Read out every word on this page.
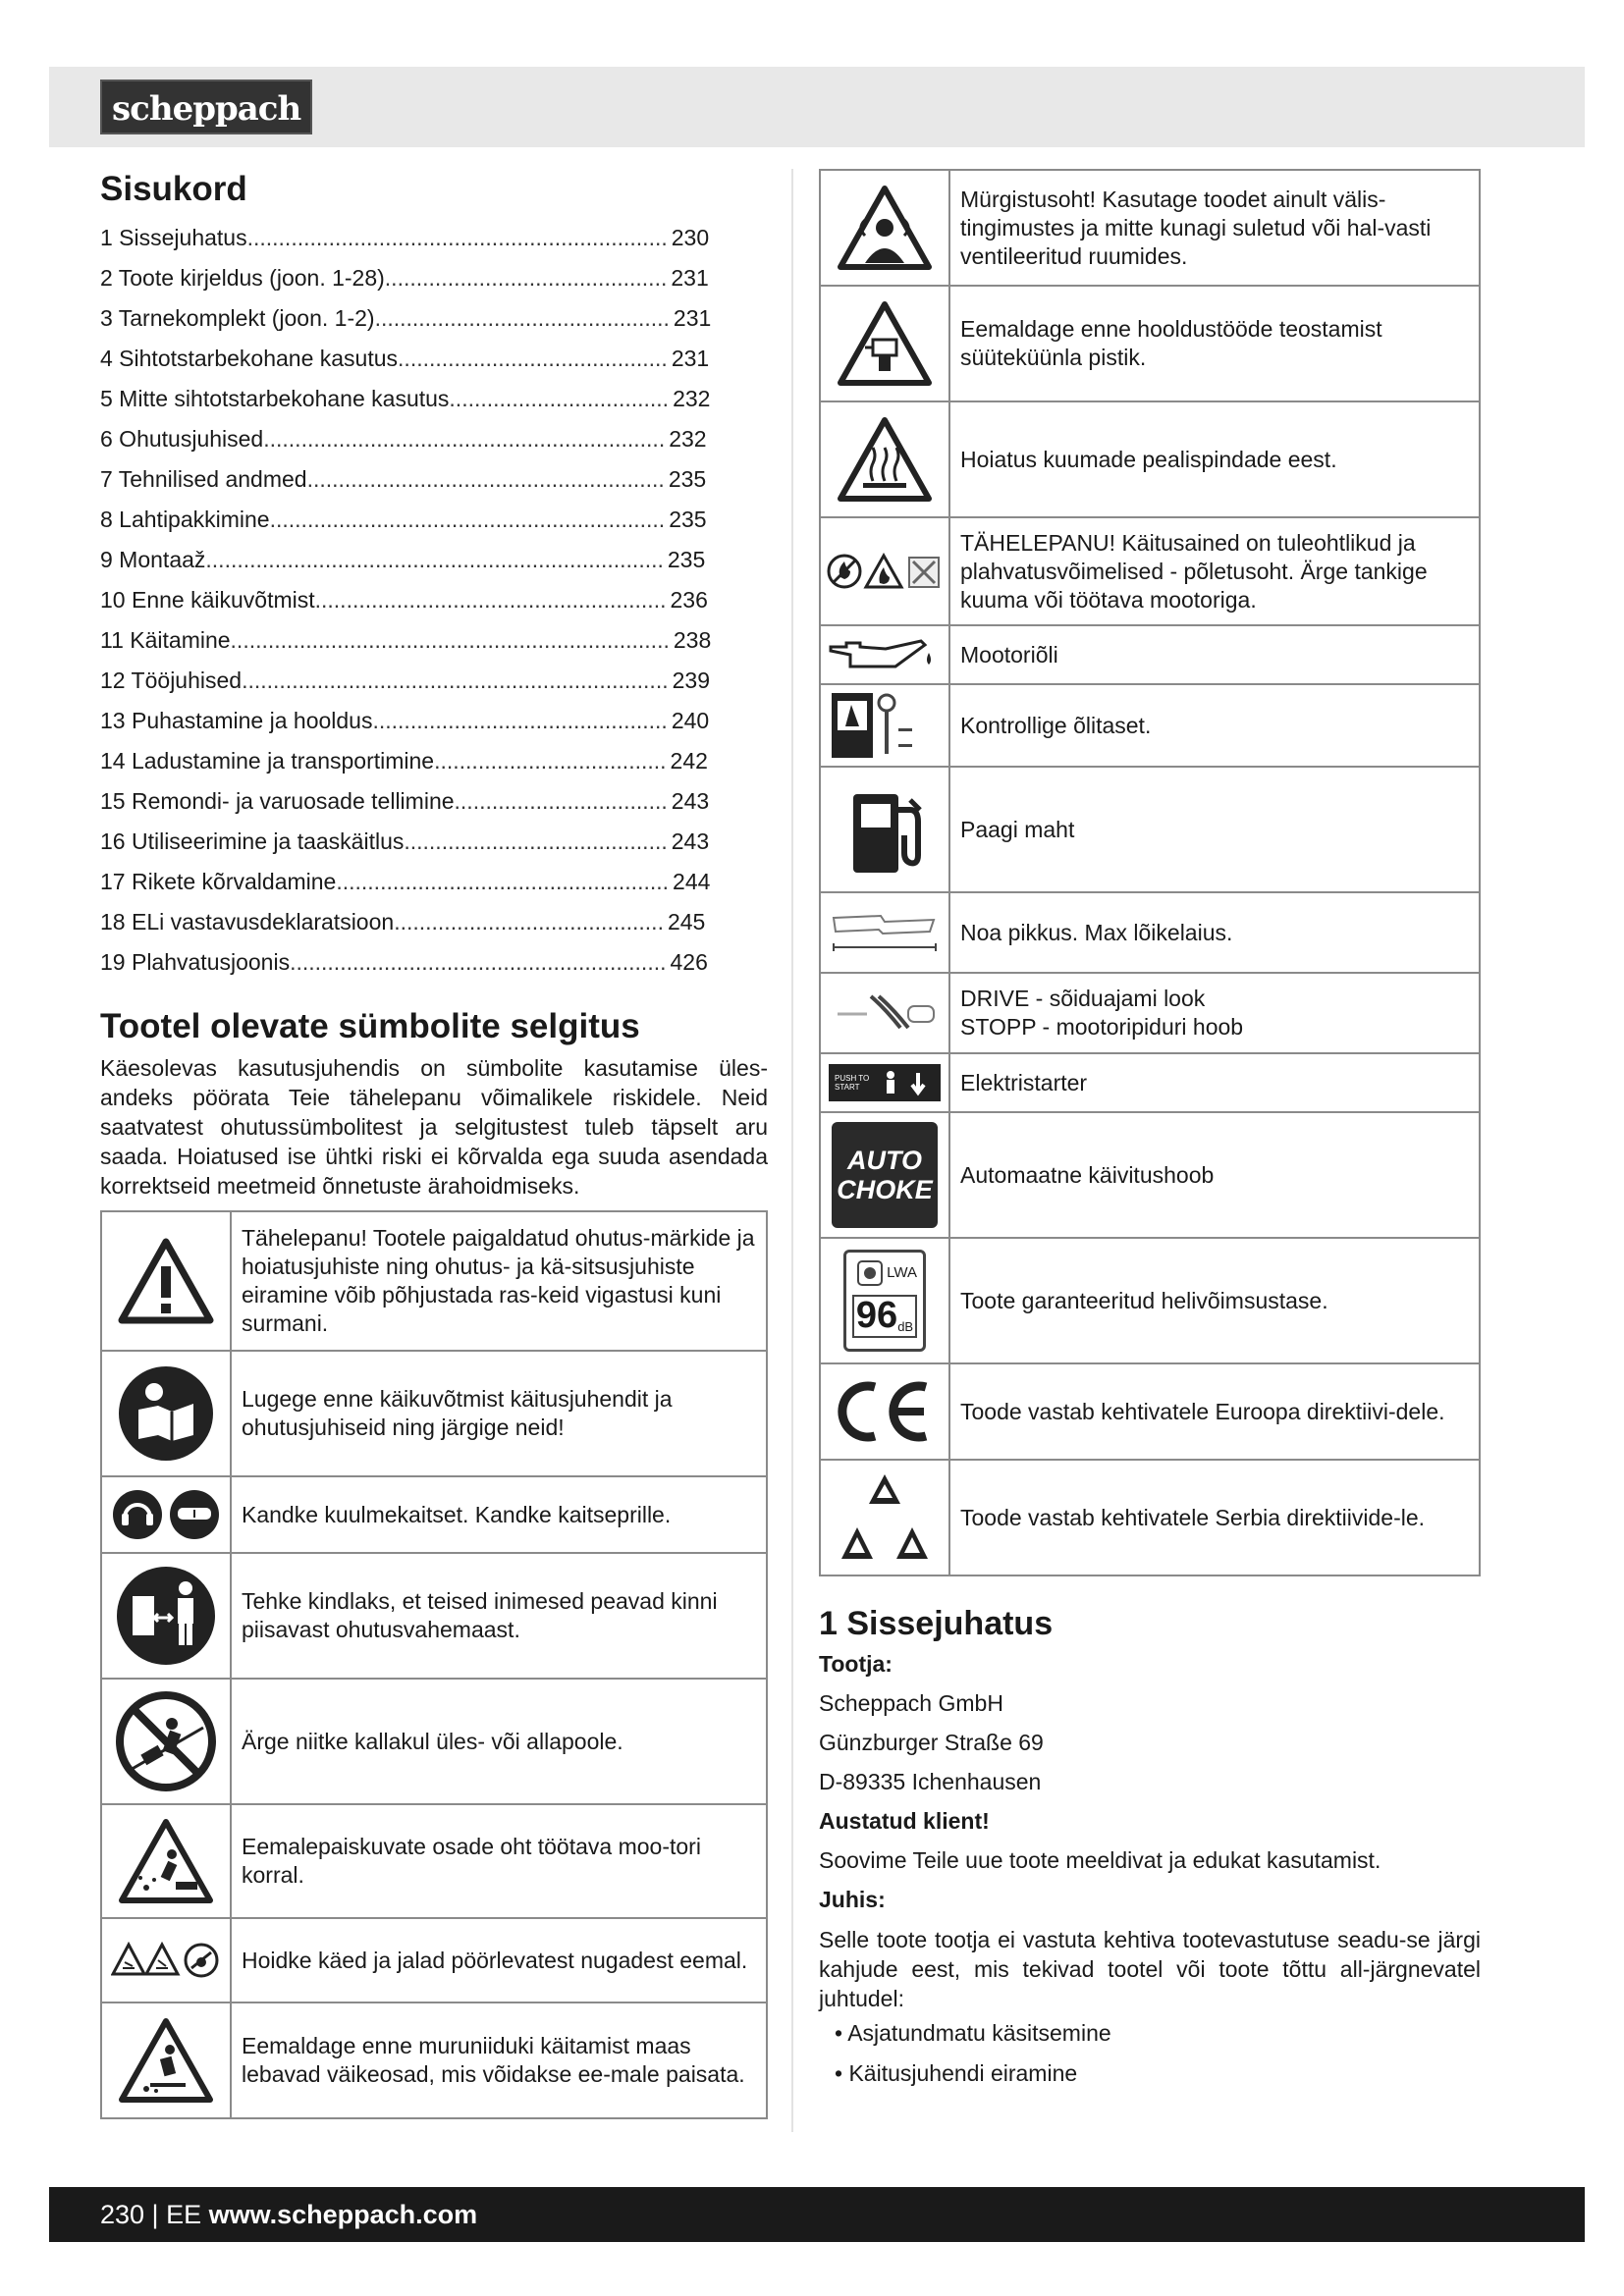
scheppach
Sisukord
1 Sissejuhatus ................................................................... 230
2 Toote kirjeldus (joon. 1-28) ............................................. 231
3 Tarnekomplekt (joon. 1-2) ............................................... 231
4 Sihtotstarbekohane kasutus ........................................... 231
5 Mitte sihtotstarbekohane kasutus ................................... 232
6 Ohutusjuhised ................................................................ 232
7 Tehnilised andmed ......................................................... 235
8 Lahtipakkimine ............................................................... 235
9 Montaaž ......................................................................... 235
10 Enne käikuvõtmist ........................................................ 236
11 Käitamine ...................................................................... 238
12 Tööjuhised .................................................................... 239
13 Puhastamine ja hooldus ............................................... 240
14 Ladustamine ja transportimine ..................................... 242
15 Remondi- ja varuosade tellimine .................................. 243
16 Utiliseerimine ja taaskäitlus .......................................... 243
17 Rikete kõrvaldamine ..................................................... 244
18 ELi vastavusdeklaratsioon ........................................... 245
19 Plahvatusjoonis ............................................................ 426
Tootel olevate sümbolite selgitus

Käesolevas kasutusjuhendis on sümbolite kasutamise üles-andeks pöörata Teie tähelepanu võimalikele riskidele. Neid saatvatest ohutussümbolitest ja selgitustest tuleb täpselt aru saada. Hoiatused ise ühtki riski ei kõrvalda ega suuda asendada korrektseid meetmeid õnnetuste ärahoidmiseks.

	Tähelepanu! Tootele paigaldatud ohutus-märkide ja hoiatusjuhiste ning ohutus- ja kä-sitsusjuhiste eiramine võib põhjustada ras-keid vigastusi kuni surmani.

	Lugege enne käikuvõtmist käitusjuhendit ja ohutusjuhiseid ning järgige neid!

	Kandke kuulmekaitset. Kandke kaitseprille.

	Tehke kindlaks, et teised inimesed peavad kinni piisavast ohutusvahemaast.

	Ärge niitke kallakul üles- või allapoole.

	Eemalepaiskuvate osade oht töötava moo-tori korral.

	Hoidke käed ja jalad pöörlevatest nugadest eemal.

	Eemaldage enne muruniiduki käitamist maas lebavad väikeosad, mis võidakse ee-male paisata.
	Mürgistusoht! Kasutage toodet ainult välis-tingimustes ja mitte kunagi suletud või hal-vasti ventileeritud ruumides.

	Eemaldage enne hooldustööde teostamist süüteküünla pistik.

	Hoiatus kuumade pealispindade eest.

	TÄHELEPANU! Käitusained on tuleohtlikud ja plahvatusvõimelised - põletusoht. Ärge tankige kuuma või töötava mootoriga.

	Mootoriõli

	Kontrollige õlitaset.

	Paagi maht

	Noa pikkus. Max lõikelaius.

	DRIVE - sõiduajami look
STOPP - mootoripiduri hoob

PUSH TO START	Elektristarter

AUTO
CHOKE	Automaatne käivitushoob

LWA
96 dB	Toote garanteeritud helivõimsustase.

	Toode vastab kehtivatele Euroopa direktiivi-dele.

	Toode vastab kehtivatele Serbia direktiivide-le.
1 Sissejuhatus
Tootja:
Scheppach GmbH
Günzburger Straße 69
D-89335 Ichenhausen
Austatud klient!
Soovime Teile uue toote meeldivat ja edukat kasutamist.
Juhis:

Selle toote tootja ei vastuta kehtiva tootevastutuse seadu-se järgi kahjude eest, mis tekivad tootel või toote tõttu all-järgnevatel juhtudel:

• Asjatundmatu käsitsemine
• Käitusjuhendi eiramine
230 | EE www.scheppach.com
